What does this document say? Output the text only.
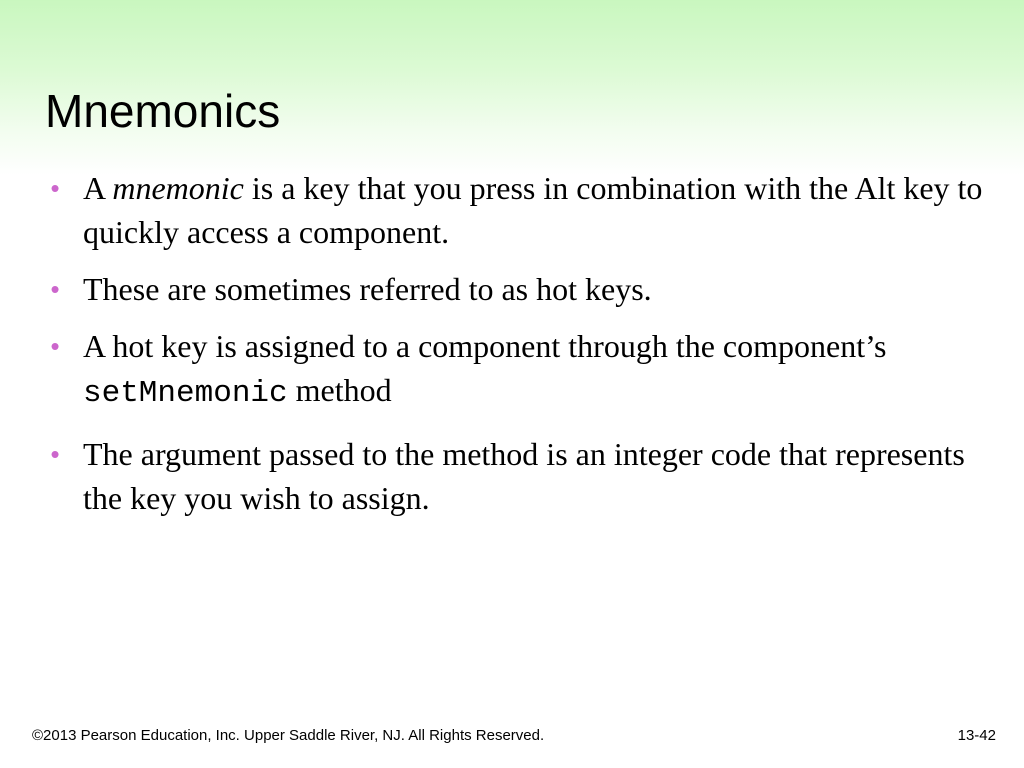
Mnemonics
• A mnemonic is a key that you press in combination with the Alt key to quickly access a component.
• These are sometimes referred to as hot keys.
• A hot key is assigned to a component through the component’s setMnemonic method
• The argument passed to the method is an integer code that represents the key you wish to assign.
©2013 Pearson Education, Inc. Upper Saddle River, NJ. All Rights Reserved.	13-42
